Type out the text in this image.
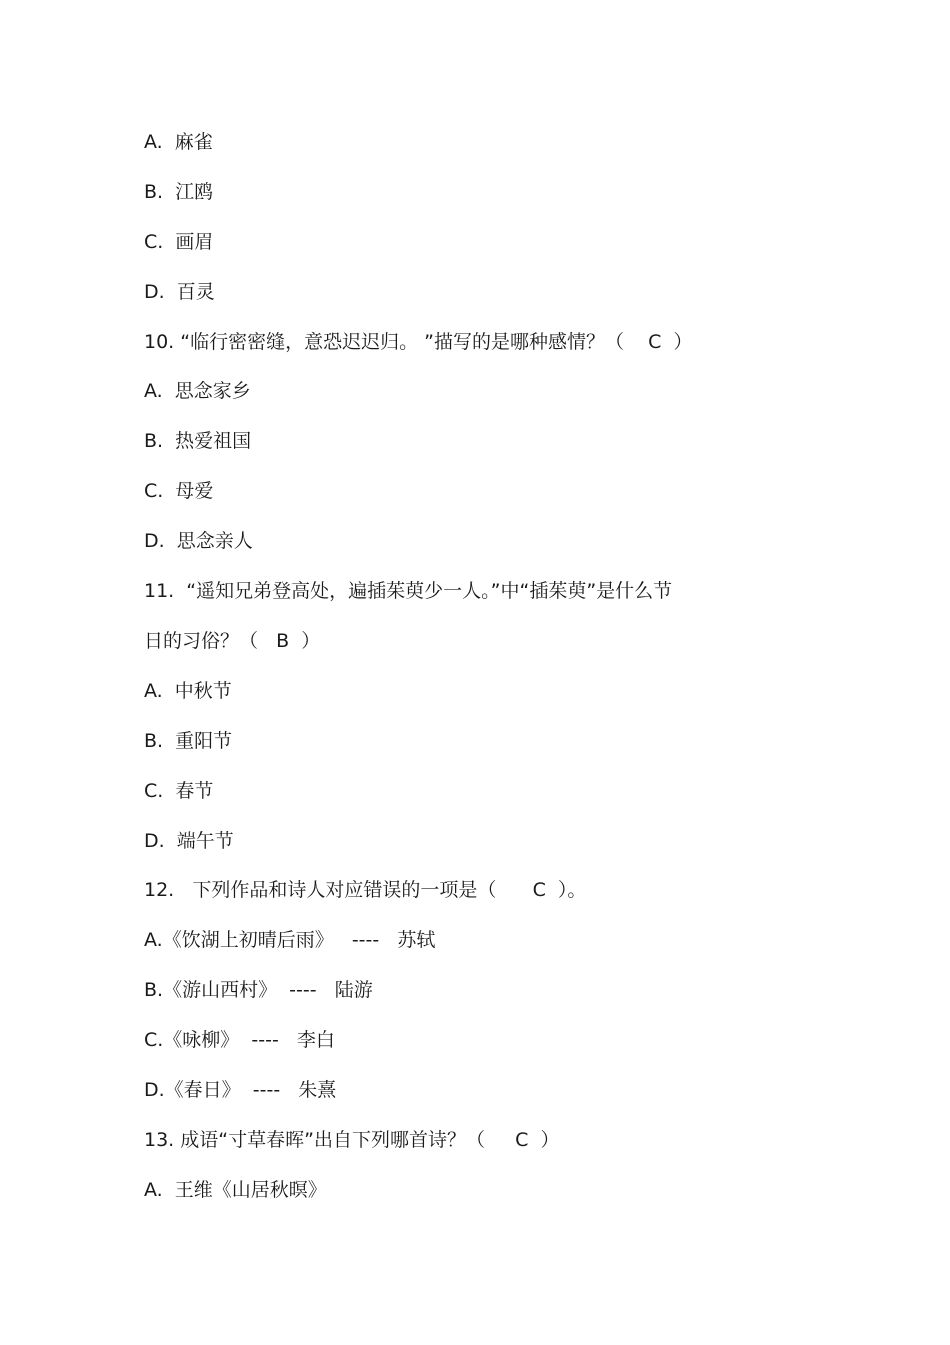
A.  麻雀
B.  江鸥
C.  画眉
D.  百灵
10. “临行密密缝，意恐迟迟归。 ”描写的是哪种感情？（    C  ）
A.  思念家乡
B.  热爱祖国
C.  母爱
D.  思念亲人
11.  “遥知兄弟登高处，遍插茱萸少一人。”中“插茱萸”是什么节
日的习俗？（   B  ）
A.  中秋节
B.  重阳节
C.  春节
D.  端午节
12.   下列作品和诗人对应错误的一项是（      C  ）。
A.《饮湖上初晴后雨》   ----   苏轼
B.《游山西村》  ----   陆游
C.《咏柳》  ----   李白
D.《春日》  ----   朱熹
13. 成语“寸草春晖”出自下列哪首诗？（     C  ）
A.  王维《山居秋暝》
